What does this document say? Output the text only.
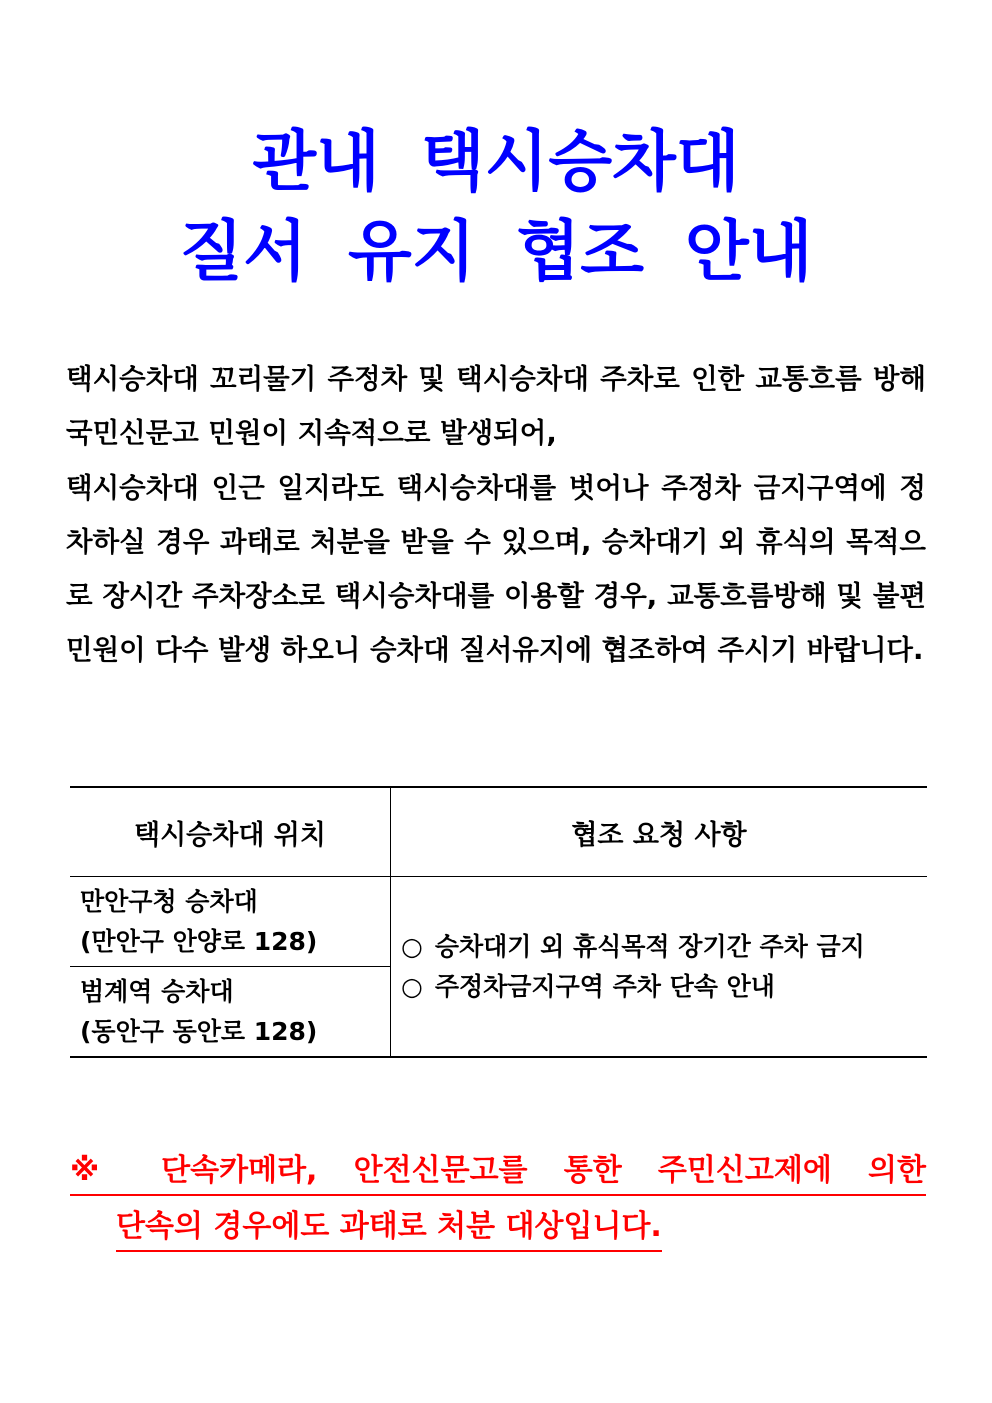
관내 택시승차대
질서 유지 협조 안내

택시승차대 꼬리물기 주정차 및 택시승차대 주차로 인한 교통흐름 방해 국민신문고 민원이 지속적으로 발생되어,

택시승차대 인근 일지라도 택시승차대를 벗어나 주정차 금지구역에 정차하실 경우 과태로 처분을 받을 수 있으며, 승차대기 외 휴식의 목적으로 장시간 주차장소로 택시승차대를 이용할 경우, 교통흐름방해 및 불편민원이 다수 발생 하오니 승차대 질서유지에 협조하여 주시기 바랍니다.

택시승차대 위치	협조 요청 사항

만안구청 승차대
(만안구 안양로 128)	○ 승차대기 외 휴식목적 장기간 주차 금지
○ 주정차금지구역 주차 단속 안내

범계역 승차대
(동안구 동안로 128)	
※ 단속카메라, 안전신문고를 통한 주민신고제에 의한
단속의 경우에도 과태로 처분 대상입니다.
